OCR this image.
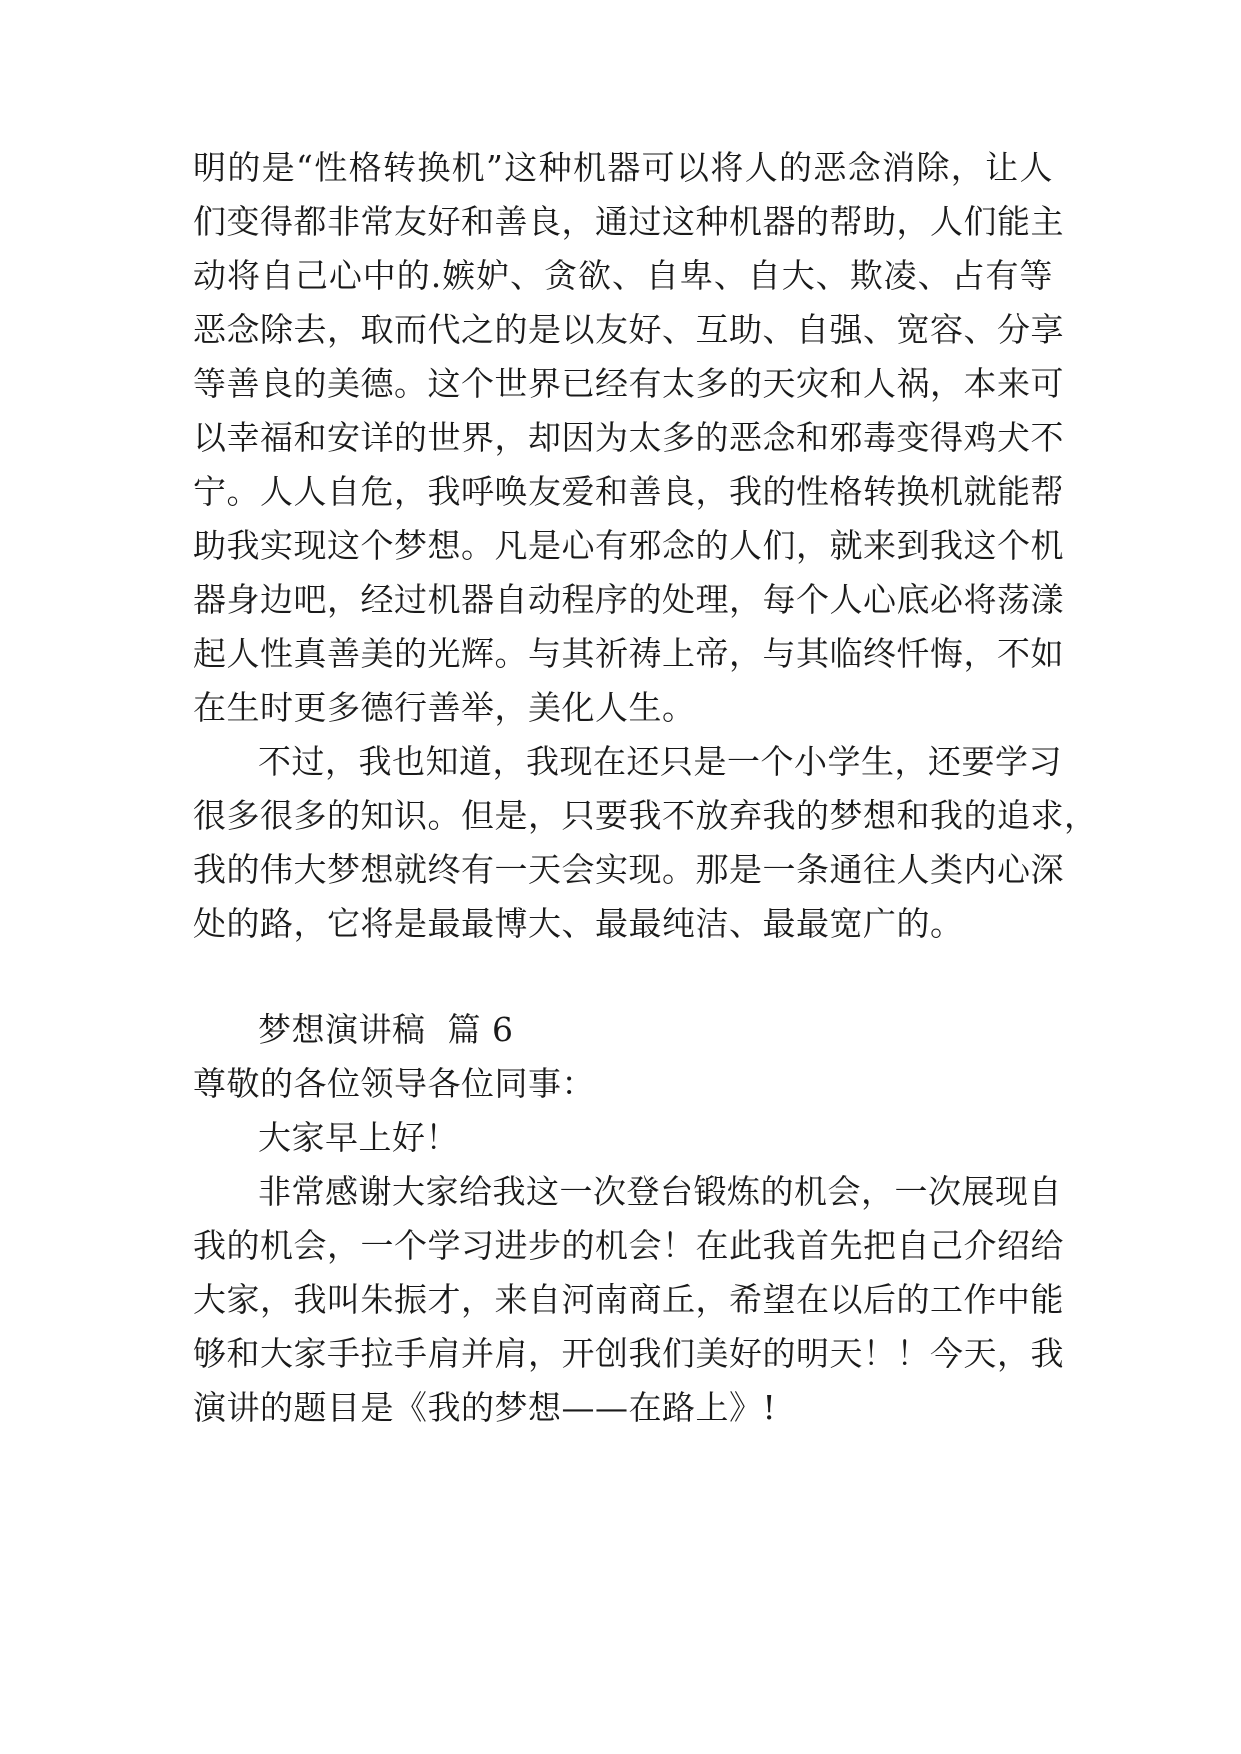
明的是“性格转换机”这种机器可以将人的恶念消除，让人
们变得都非常友好和善良，通过这种机器的帮助，人们能主
动将自己心中的.嫉妒、贪欲、自卑、自大、欺凌、占有等
恶念除去，取而代之的是以友好、互助、自强、宽容、分享
等善良的美德。这个世界已经有太多的天灾和人祸，本来可
以幸福和安详的世界，却因为太多的恶念和邪毒变得鸡犬不
宁。人人自危，我呼唤友爱和善良，我的性格转换机就能帮
助我实现这个梦想。凡是心有邪念的人们，就来到我这个机
器身边吧，经过机器自动程序的处理，每个人心底必将荡漾
起人性真善美的光辉。与其祈祷上帝，与其临终忏悔，不如
在生时更多德行善举，美化人生。
不过，我也知道，我现在还只是一个小学生，还要学习
很多很多的知识。但是，只要我不放弃我的梦想和我的追求，
我的伟大梦想就终有一天会实现。那是一条通往人类内心深
处的路，它将是最最博大、最最纯洁、最最宽广的。
梦想演讲稿  篇 6
尊敬的各位领导各位同事：
大家早上好！
非常感谢大家给我这一次登台锻炼的机会，一次展现自
我的机会，一个学习进步的机会！在此我首先把自己介绍给
大家，我叫朱振才，来自河南商丘，希望在以后的工作中能
够和大家手拉手肩并肩，开创我们美好的明天！！今天，我
演讲的题目是《我的梦想——在路上》!
